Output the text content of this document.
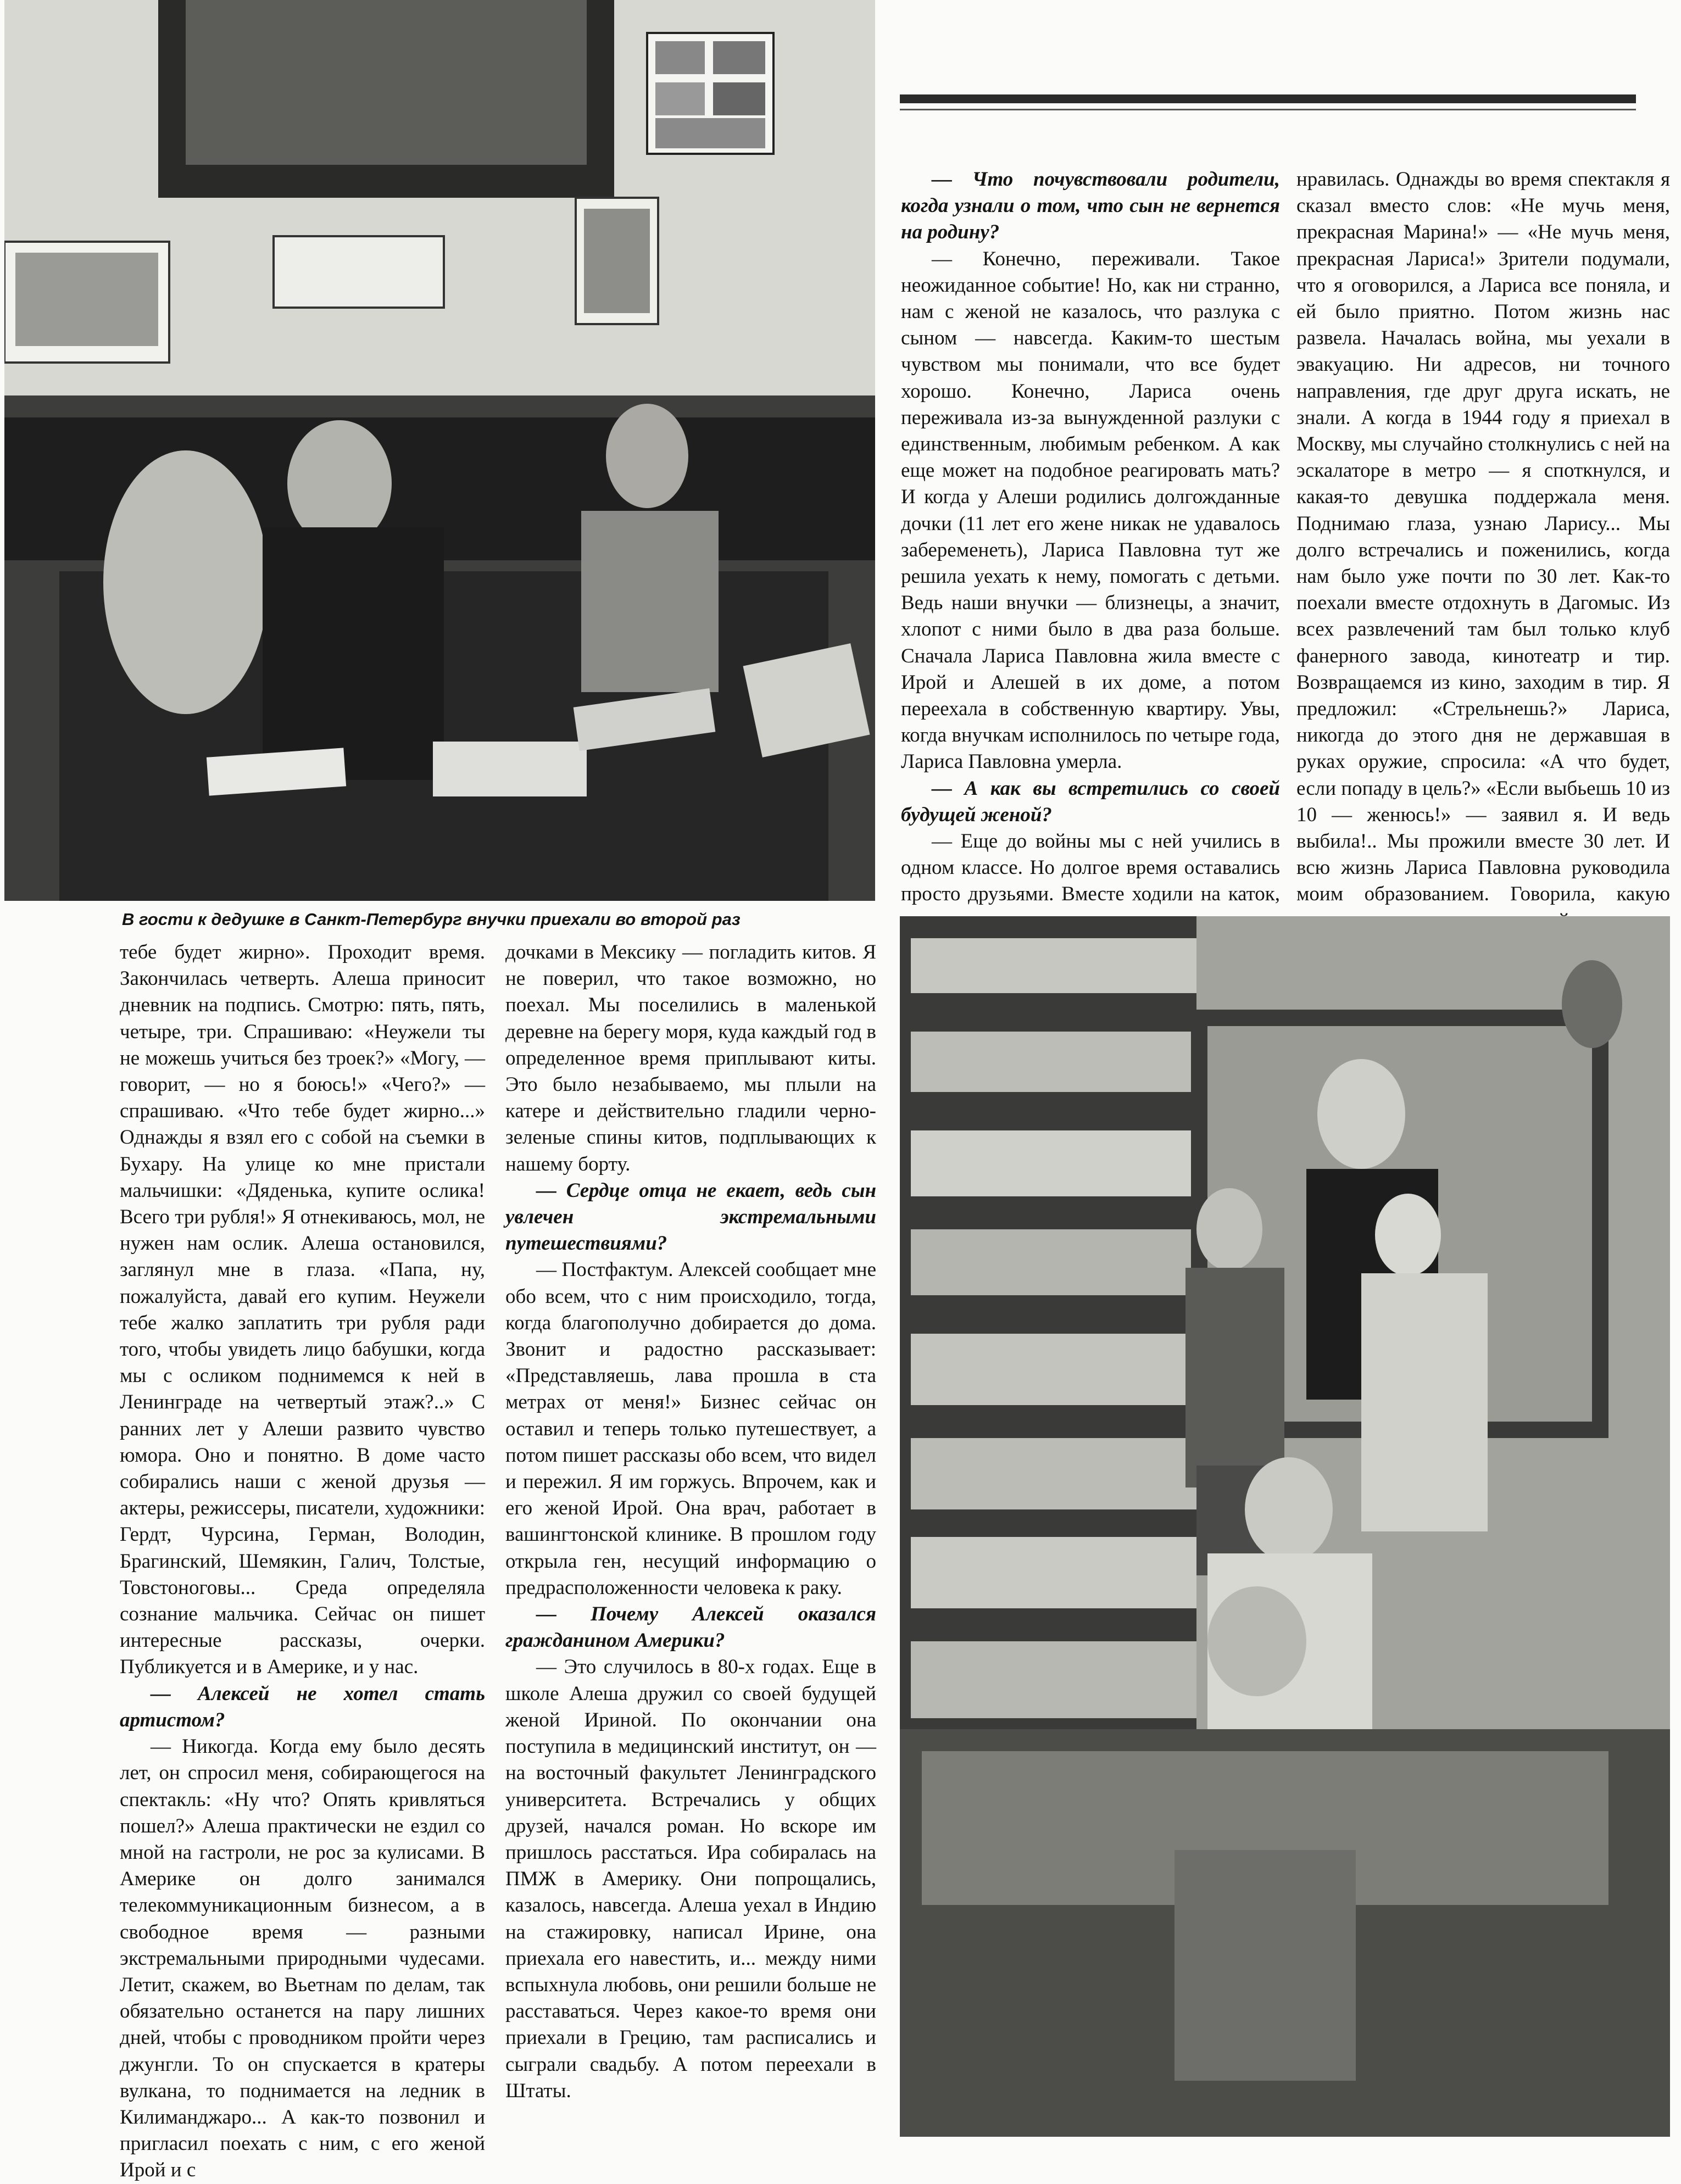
В гости к дедушке в Санкт-Петербург внучки приехали во второй раз

— Что почувствовали родители, когда узнали о том, что сын не вернется на родину?

— Конечно, переживали. Такое неожиданное событие! Но, как ни странно, нам с женой не казалось, что разлука с сыном — навсегда. Каким-то шестым чувством мы понимали, что все будет хорошо. Конечно, Лариса очень переживала из-за вынужденной разлуки с единственным, любимым ребенком. А как еще может на подобное реагировать мать? И когда у Алеши родились долгожданные дочки (11 лет его жене никак не удавалось забеременеть), Лариса Павловна тут же решила уехать к нему, помогать с детьми. Ведь наши внучки — близнецы, а значит, хлопот с ними было в два раза больше. Сначала Лариса Павловна жила вместе с Ирой и Алешей в их доме, а потом переехала в собственную квартиру. Увы, когда внучкам исполнилось по четыре года, Лариса Павловна умерла.

— А как вы встретились со своей будущей женой?

— Еще до войны мы с ней учились в одном классе. Но долгое время оставались просто друзьями. Вместе ходили на каток,

нравилась. Однажды во время спектакля я сказал вместо слов: «Не мучь меня, прекрасная Марина!» — «Не мучь меня, прекрасная Лариса!» Зрители подумали, что я оговорился, а Лариса все поняла, и ей было приятно. Потом жизнь нас развела. Началась война, мы уехали в эвакуацию. Ни адресов, ни точного направления, где друг друга искать, не знали. А когда в 1944 году я приехал в Москву, мы случайно столкнулись с ней на эскалаторе в метро — я споткнулся, и какая-то девушка поддержала меня. Поднимаю глаза, узнаю Ларису... Мы долго встречались и поженились, когда нам было уже почти по 30 лет. Как-то поехали вместе отдохнуть в Дагомыс. Из всех развлечений там был только клуб фанерного завода, кинотеатр и тир. Возвращаемся из кино, заходим в тир. Я предложил: «Стрельнешь?» Лариса, никогда до этого дня не державшая в руках оружие, спросила: «А что будет, если попаду в цель?» «Если выбьешь 10 из 10 — женюсь!» — заявил я. И ведь выбила!.. Мы прожили вместе 30 лет. И всю жизнь Лариса Павловна руководила моим образованием. Говорила, какую

тебе будет жирно». Проходит время. Закончилась четверть. Алеша приносит дневник на подпись. Смотрю: пять, пять, четыре, три. Спрашиваю: «Неужели ты не можешь учиться без троек?» «Могу, — говорит, — но я боюсь!» «Чего?» — спрашиваю. «Что тебе будет жирно...» Однажды я взял его с собой на съемки в Бухару. На улице ко мне пристали мальчишки: «Дяденька, купите ослика! Всего три рубля!» Я отнекиваюсь, мол, не нужен нам ослик. Алеша остановился, заглянул мне в глаза. «Папа, ну, пожалуйста, давай его купим. Неужели тебе жалко заплатить три рубля ради того, чтобы увидеть лицо бабушки, когда мы с осликом поднимемся к ней в Ленинграде на четвертый этаж?..» С ранних лет у Алеши развито чувство юмора. Оно и понятно. В доме часто собирались наши с женой друзья — актеры, режиссеры, писатели, художники: Гердт, Чурсина, Герман, Володин, Брагинский, Шемякин, Галич, Толстые, Товстоноговы... Среда определяла сознание мальчика. Сейчас он пишет интересные рассказы, очерки. Публикуется и в Америке, и у нас.

— Алексей не хотел стать артистом?

— Никогда. Когда ему было десять лет, он спросил меня, собирающегося на спектакль: «Ну что? Опять кривляться пошел?» Алеша практически не ездил со мной на гастроли, не рос за кулисами. В Америке он долго занимался телекоммуникационным бизнесом, а в свободное время — разными экстремальными природными чудесами. Летит, скажем, во Вьетнам по делам, так обязательно останется на пару лишних дней, чтобы с проводником пройти через джунгли. То он спускается в кратеры вулкана, то поднимается на ледник в Килиманджаро... А как-то позвонил и пригласил поехать с ним, с его женой Ирой и с

дочками в Мексику — погладить китов. Я не поверил, что такое возможно, но поехал. Мы поселились в маленькой деревне на берегу моря, куда каждый год в определенное время приплывают киты. Это было незабываемо, мы плыли на катере и действительно гладили черно-зеленые спины китов, подплывающих к нашему борту.

— Сердце отца не екает, ведь сын увлечен экстремальными путешествиями?

— Постфактум. Алексей сообщает мне обо всем, что с ним происходило, тогда, когда благополучно добирается до дома. Звонит и радостно рассказывает: «Представляешь, лава прошла в ста метрах от меня!» Бизнес сейчас он оставил и теперь только путешествует, а потом пишет рассказы обо всем, что видел и пережил. Я им горжусь. Впрочем, как и его женой Ирой. Она врач, работает в вашингтонской клинике. В прошлом году открыла ген, несущий информацию о предрасположенности человека к раку.

— Почему Алексей оказался гражданином Америки?

— Это случилось в 80-х годах. Еще в школе Алеша дружил со своей будущей женой Ириной. По окончании она поступила в медицинский институт, он — на восточный факультет Ленинградского университета. Встречались у общих друзей, начался роман. Но вскоре им пришлось расстаться. Ира собиралась на ПМЖ в Америку. Они попрощались, казалось, навсегда. Алеша уехал в Индию на стажировку, написал Ирине, она приехала его навестить, и... между ними вспыхнула любовь, они решили больше не расставаться. Через какое-то время они приехали в Грецию, там расписались и сыграли свадьбу. А потом переехали в Штаты.
